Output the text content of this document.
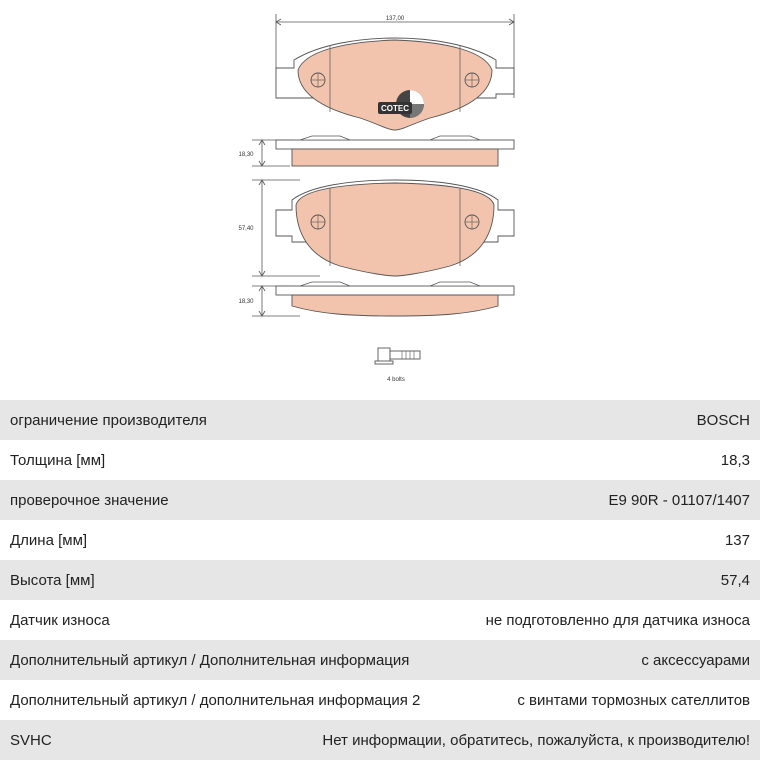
137,00
COTEC
18,30
57,40
18,30
4 bolts
ограничение производителя	BOSCH
Толщина [мм]	18,3
проверочное значение	E9 90R - 01107/1407
Длина [мм]	137
Высота [мм]	57,4
Датчик износа	не подготовленно для датчика износа
Дополнительный артикул / Дополнительная информация	с аксессуарами
Дополнительный артикул / дополнительная информация 2	с винтами тормозных сателлитов
SVHC	Нет информации, обратитесь, пожалуйста, к производителю!
